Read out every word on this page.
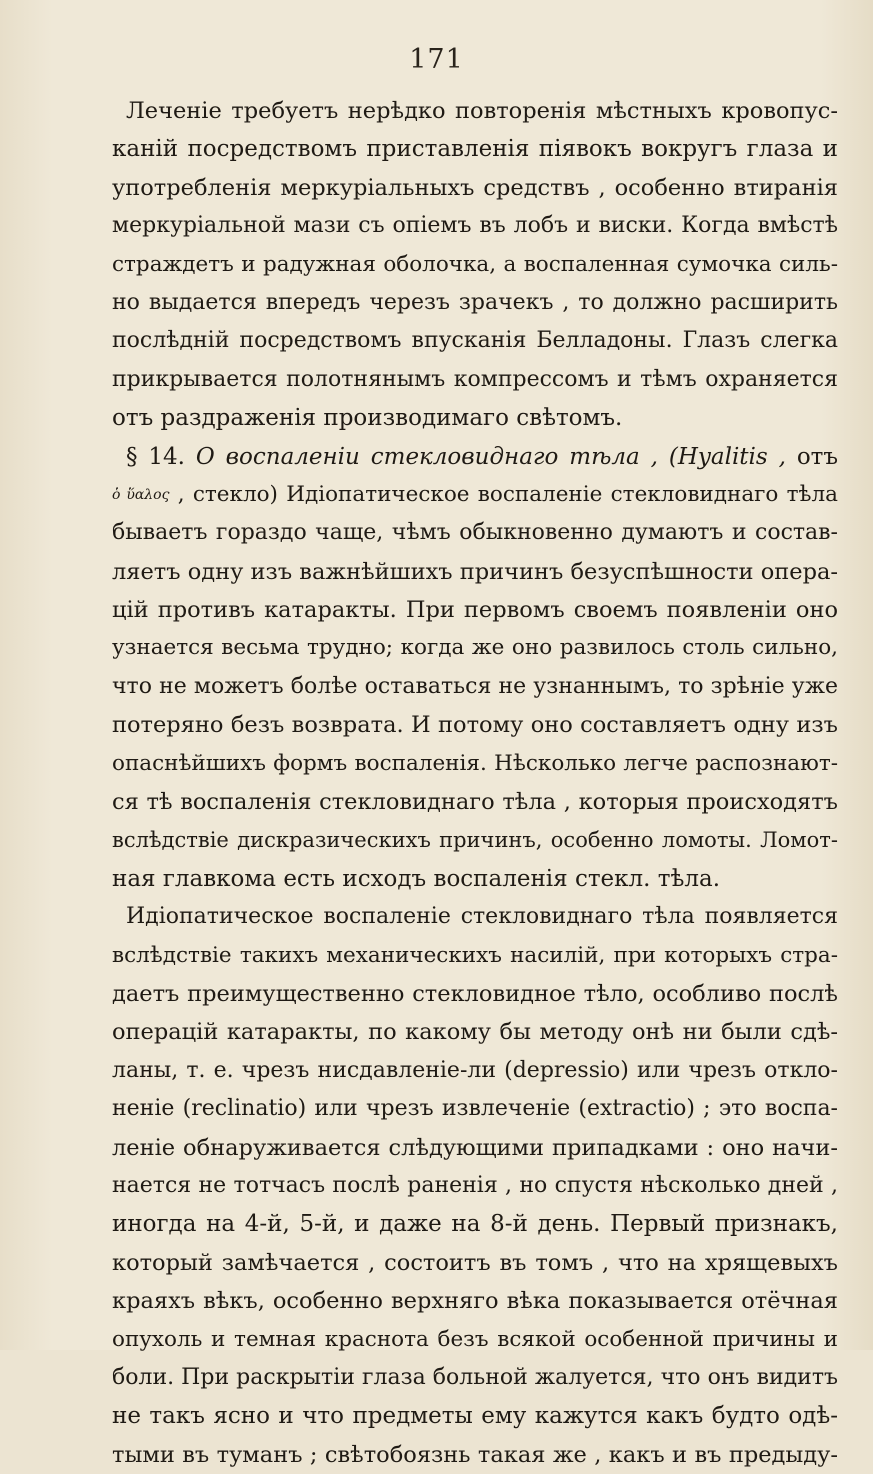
171
Леченіе требуетъ нерѣдко повторенія мѣстныхъ кровопус-
каній посредствомъ приставленія піявокъ вокругъ глаза и
употребленія меркуріальныхъ средствъ , особенно втиранія
меркуріальной мази съ опіемъ въ лобъ и виски. Когда вмѣстѣ
страждетъ и радужная оболочка, а воспаленная сумочка силь-
но выдается впередъ черезъ зрачекъ , то должно расширить
послѣдній посредствомъ впусканія Белладоны. Глазъ слегка
прикрывается полотнянымъ компрессомъ и тѣмъ охраняется
отъ раздраженія производимаго свѣтомъ.
§ 14. О воспаленіи стекловиднаго тѣла , (Hyalitis , отъ
ὁ ὕαλος , стекло) Идіопатическое воспаленіе стекловиднаго тѣла
бываетъ гораздо чаще, чѣмъ обыкновенно думаютъ и состав-
ляетъ одну изъ важнѣйшихъ причинъ безуспѣшности опера-
цій противъ катаракты. При первомъ своемъ появленіи оно
узнается весьма трудно; когда же оно развилось столь сильно,
что не можетъ болѣе оставаться не узнаннымъ, то зрѣніе уже
потеряно безъ возврата. И потому оно составляетъ одну изъ
опаснѣйшихъ формъ воспаленія. Нѣсколько легче распознают-
ся тѣ воспаленія стекловиднаго тѣла , которыя происходятъ
вслѣдствіе дискразическихъ причинъ, особенно ломоты. Ломот-
ная главкома есть исходъ воспаленія стекл. тѣла.
Идіопатическое воспаленіе стекловиднаго тѣла появляется
вслѣдствіе такихъ механическихъ насилій, при которыхъ стра-
даетъ преимущественно стекловидное тѣло, особливо послѣ
операцій катаракты, по какому бы методу онѣ ни были сдѣ-
ланы, т. е. чрезъ нисдавленіе-ли (depressio) или чрезъ откло-
неніе (reclinatio) или чрезъ извлеченіе (extractio) ; это воспа-
леніе обнаруживается слѣдующими припадками : оно начи-
нается не тотчасъ послѣ раненія , но спустя нѣсколько дней ,
иногда на 4-й, 5-й, и даже на 8-й день. Первый признакъ,
который замѣчается , состоитъ въ томъ , что на хрящевыхъ
краяхъ вѣкъ, особенно верхняго вѣка показывается отёчная
опухоль и темная краснота безъ всякой особенной причины и
боли. При раскрытіи глаза больной жалуется, что онъ видитъ
не такъ ясно и что предметы ему кажутся какъ будто одѣ-
тыми въ туманъ ; свѣтобоязнь такая же , какъ и въ предыду-
